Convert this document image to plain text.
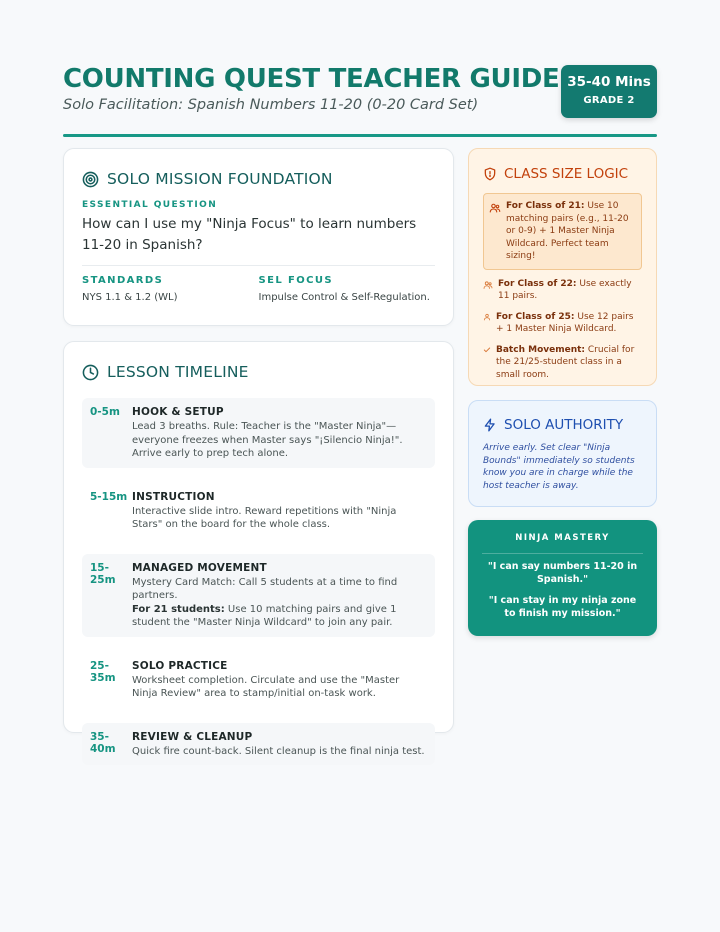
COUNTING QUEST TEACHER GUIDE
Solo Facilitation: Spanish Numbers 11-20 (0-20 Card Set)
35-40 Mins
GRADE 2
SOLO MISSION FOUNDATION
ESSENTIAL QUESTION
How can I use my "Ninja Focus" to learn numbers 11-20 in Spanish?
STANDARDS
NYS 1.1 & 1.2 (WL)
SEL FOCUS
Impulse Control & Self-Regulation.
LESSON TIMELINE
0-5m	HOOK & SETUP
Lead 3 breaths. Rule: Teacher is the "Master Ninja"—everyone freezes when Master says "¡Silencio Ninja!". Arrive early to prep tech alone.
5-15m INSTRUCTION
Interactive slide intro. Reward repetitions with "Ninja Stars" on the board for the whole class.
15-25m
MANAGED MOVEMENT
Mystery Card Match: Call 5 students at a time to find partners.
For 21 students: Use 10 matching pairs and give 1 student the "Master Ninja Wildcard" to join any pair.
25-35m
SOLO PRACTICE
Worksheet completion. Circulate and use the "Master Ninja Review" area to stamp/initial on-task work.
35-40m
REVIEW & CLEANUP
Quick fire count-back. Silent cleanup is the final ninja test.
CLASS SIZE LOGIC
For Class of 21: Use 10 matching pairs (e.g., 11-20 or 0-9) + 1 Master Ninja Wildcard. Perfect team sizing!
For Class of 22: Use exactly 11 pairs.
For Class of 25: Use 12 pairs + 1 Master Ninja Wildcard.
Batch Movement: Crucial for the 21/25-student class in a small room.
SOLO AUTHORITY
Arrive early. Set clear "Ninja Bounds" immediately so students know you are in charge while the host teacher is away.
NINJA MASTERY
"I can say numbers 11-20 in Spanish."
"I can stay in my ninja zone to finish my mission."
